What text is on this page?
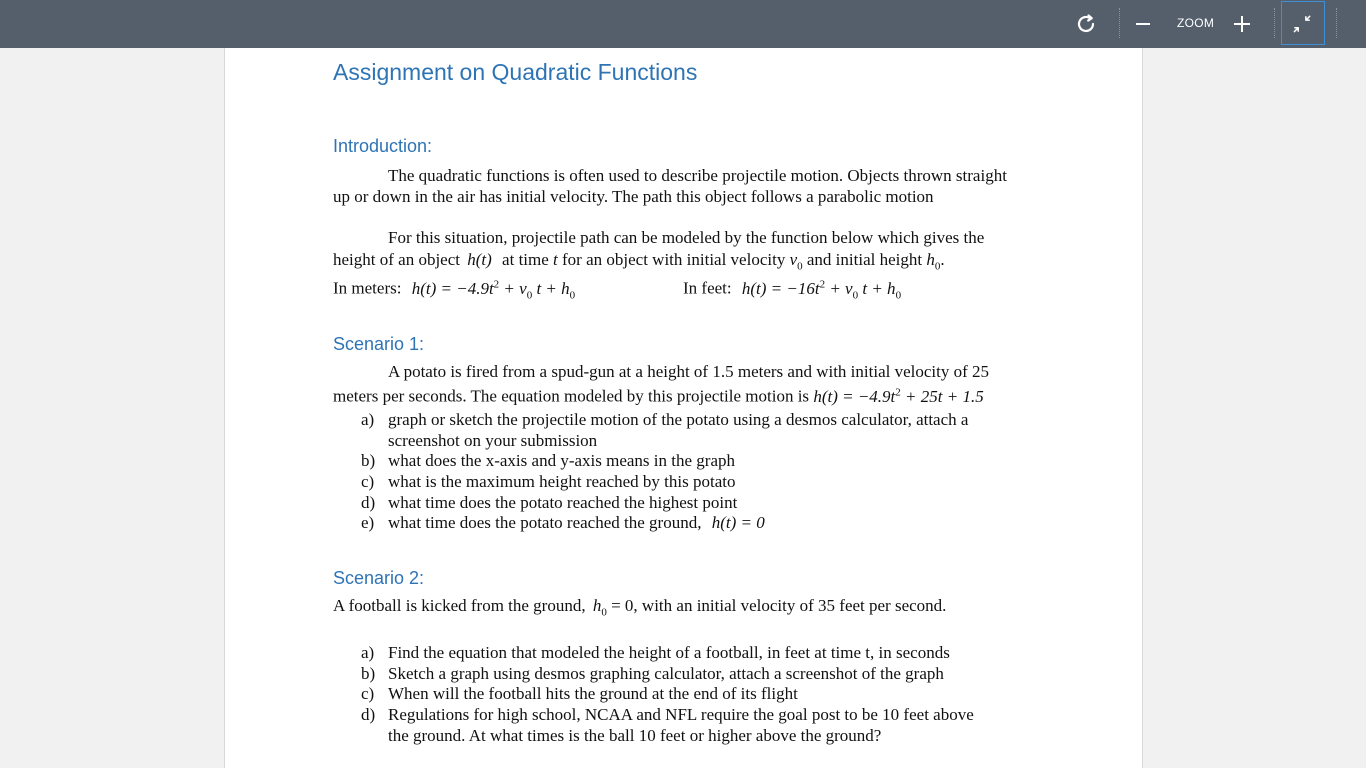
ZOOM
Assignment on Quadratic Functions
Introduction:
The quadratic functions is often used to describe projectile motion. Objects thrown straight
up or down in the air has initial velocity. The path this object follows a parabolic motion
For this situation, projectile path can be modeled by the function below which gives the
height of an object h(t) at time t for an object with initial velocity $v_0$ and initial height $h_0$.
In meters: $h(t) = -4.9t^2 + v_0$ $t + h_0$	In feet: $h(t) = -16t^2 + v_0$ $t + h_0$
Scenario 1:
A potato is fired from a spud-gun at a height of 1.5 meters and with initial velocity of 25
meters per seconds. The equation modeled by this projectile motion is $h(t) = -4.9t^2 + 25t + 1.5$
a) graph or sketch the projectile motion of the potato using a desmos calculator, attach a
screenshot on your submission
b) what does the x-axis and y-axis means in the graph
c) what is the maximum height reached by this potato
d) what time does the potato reached the highest point
e) what time does the potato reached the ground, h(t) = 0
Scenario 2:
A football is kicked from the ground, $h_0 = 0$, with an initial velocity of 35 feet per second.
a) Find the equation that modeled the height of a football, in feet at time t, in seconds
b) Sketch a graph using desmos graphing calculator, attach a screenshot of the graph
c) When will the football hits the ground at the end of its flight
d) Regulations for high school, NCAA and NFL require the goal post to be 10 feet above
the ground. At what times is the ball 10 feet or higher above the ground?
